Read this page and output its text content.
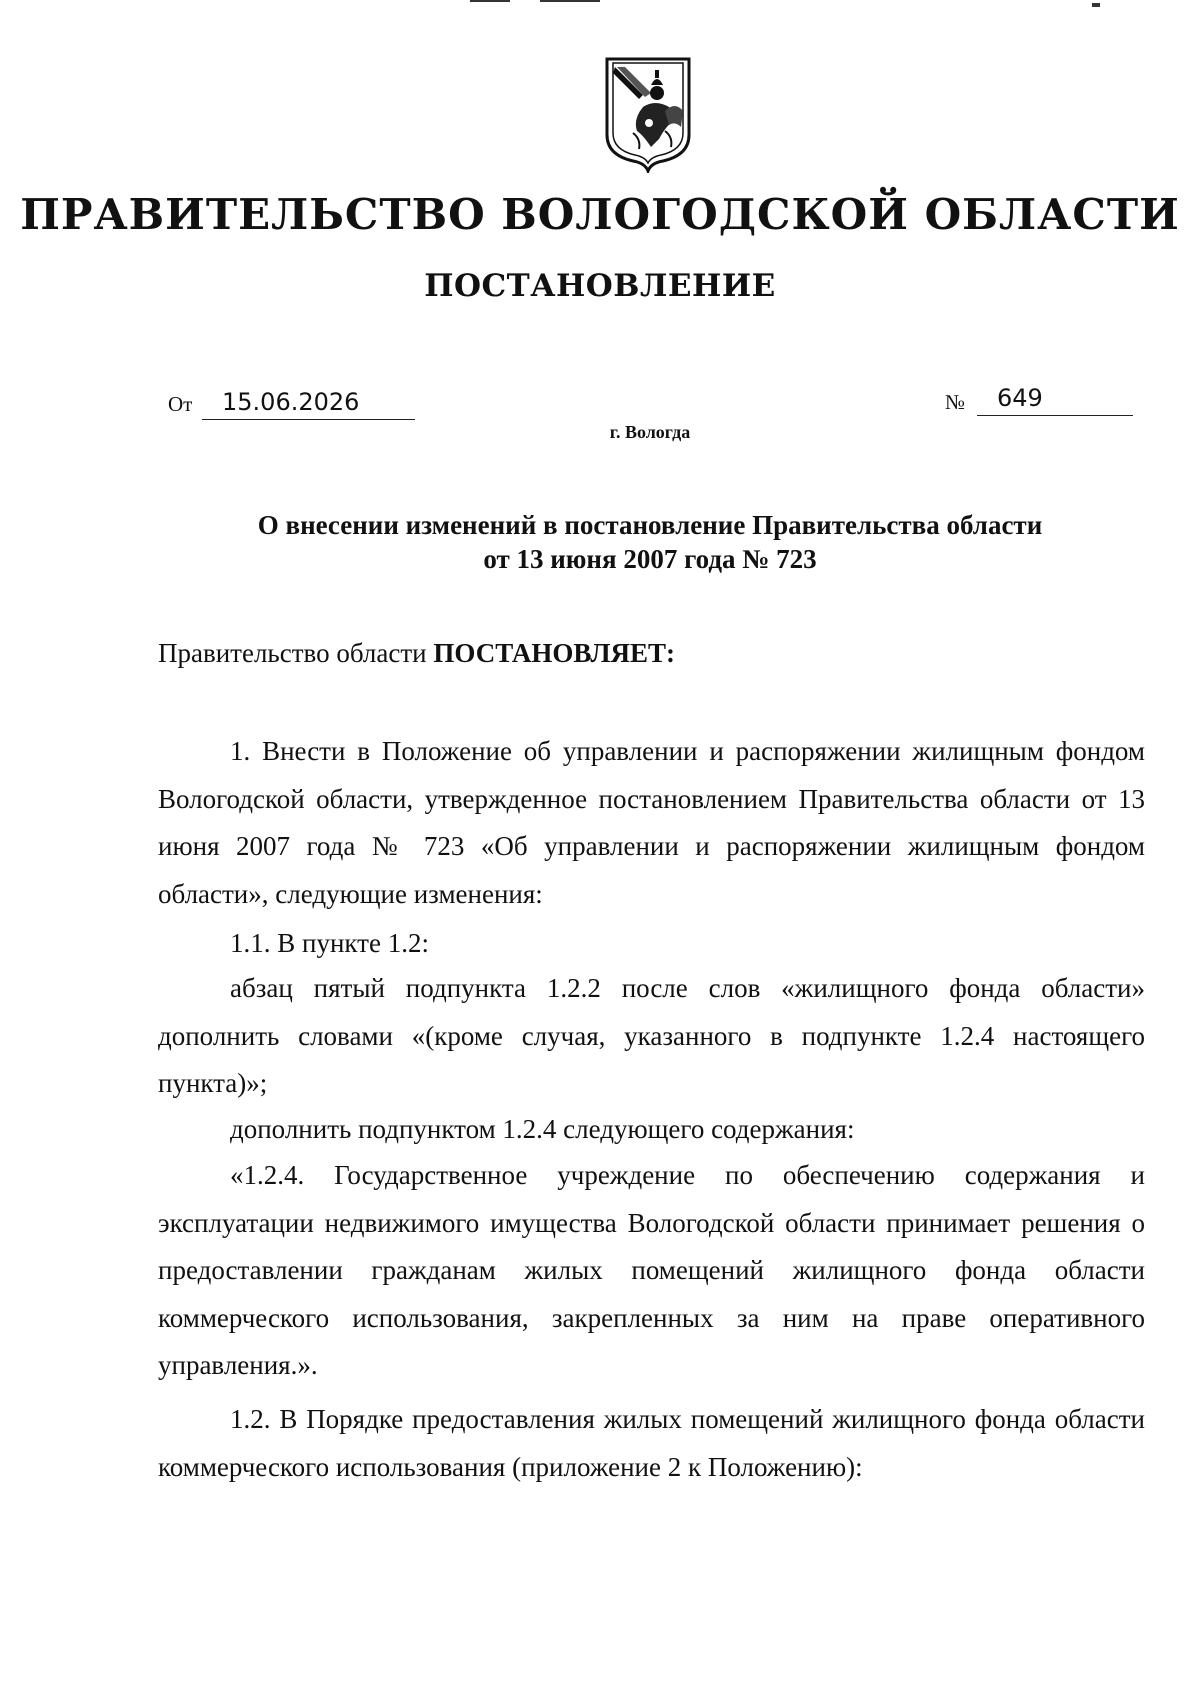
ПРАВИТЕЛЬСТВО ВОЛОГОДСКОЙ ОБЛАСТИ
ПОСТАНОВЛЕНИЕ
От	15.06.2026	№	649
г. Вологда
О внесении изменений в постановление Правительства области
от 13 июня 2007 года № 723
Правительство области ПОСТАНОВЛЯЕТ:
1. Внести в Положение об управлении и распоряжении жилищным фондом Вологодской области, утвержденное постановлением Правительства области от 13 июня 2007 года № 723 «Об управлении и распоряжении жилищным фондом области», следующие изменения:
1.1. В пункте 1.2:
абзац пятый подпункта 1.2.2 после слов «жилищного фонда области» дополнить словами «(кроме случая, указанного в подпункте 1.2.4 настоящего пункта)»;
дополнить подпунктом 1.2.4 следующего содержания:
«1.2.4. Государственное учреждение по обеспечению содержания и эксплуатации недвижимого имущества Вологодской области принимает решения о предоставлении гражданам жилых помещений жилищного фонда области коммерческого использования, закрепленных за ним на праве оперативного управления.».
1.2. В Порядке предоставления жилых помещений жилищного фонда области коммерческого использования (приложение 2 к Положению):
